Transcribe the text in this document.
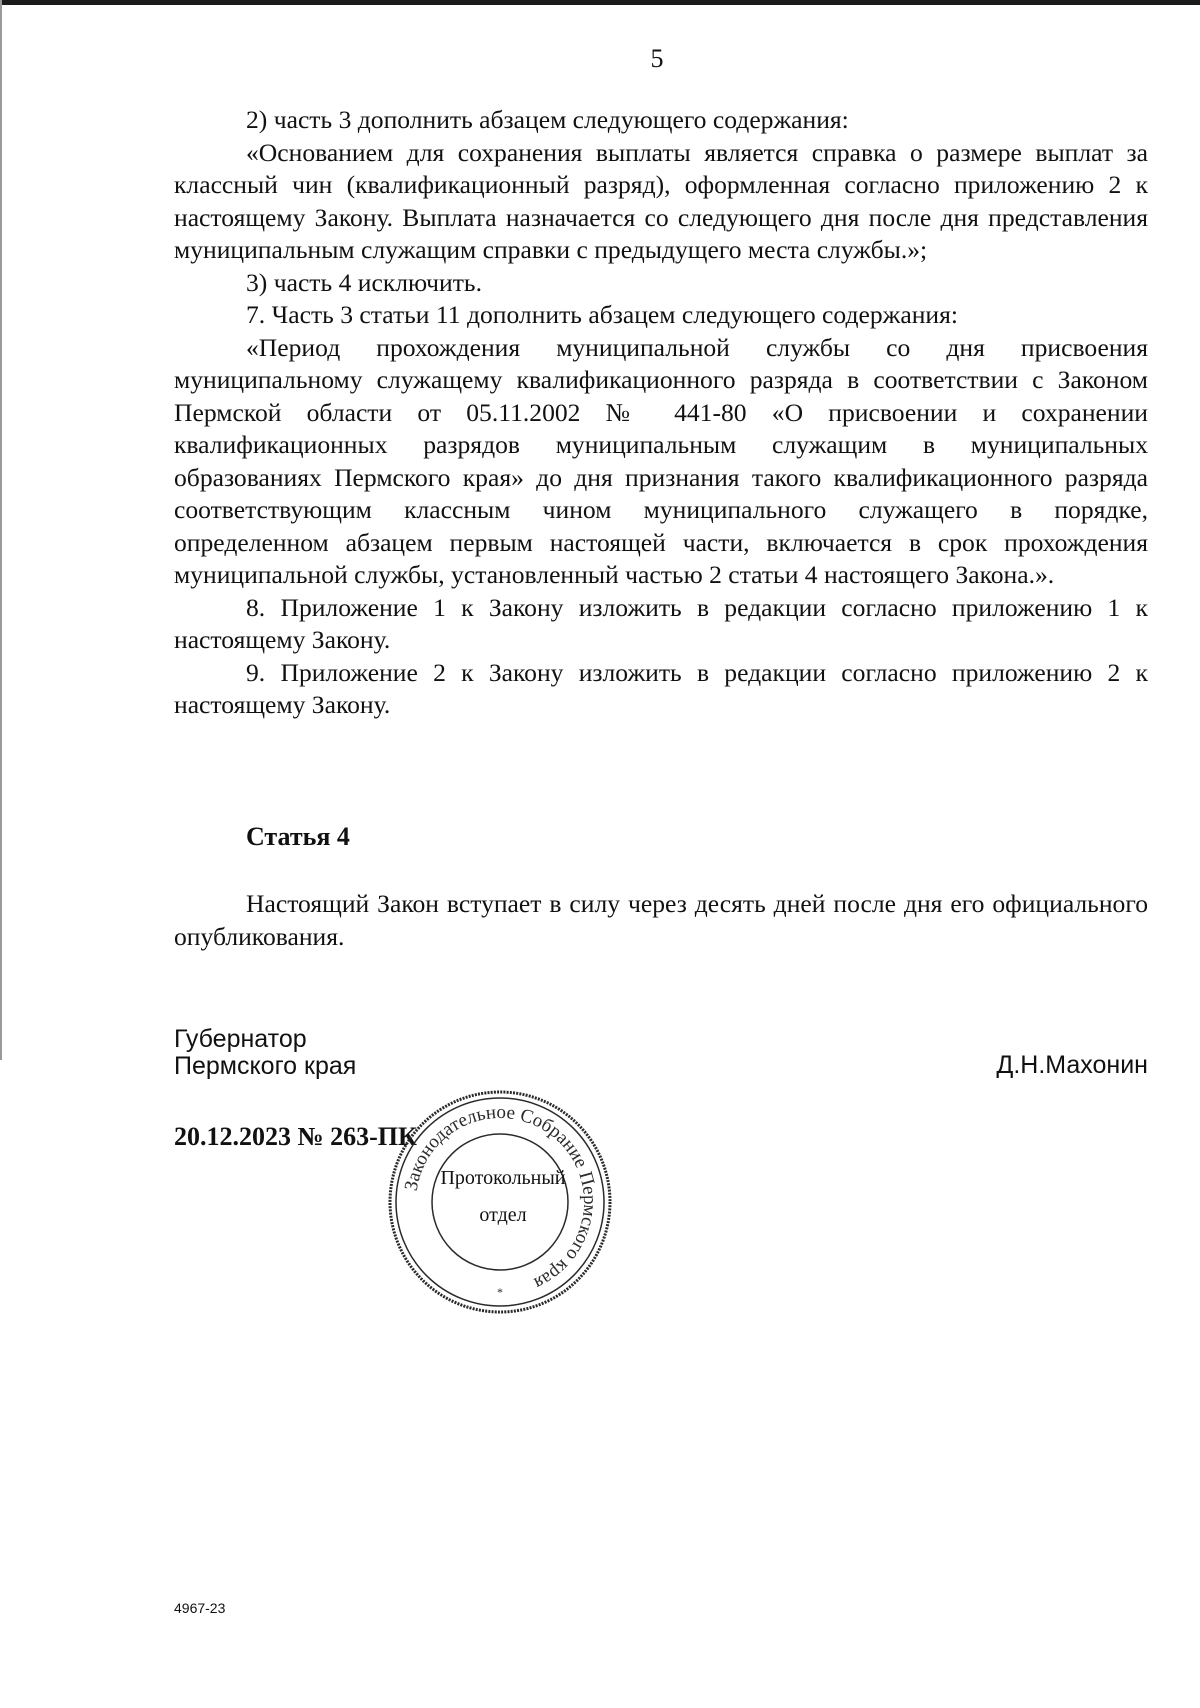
5

2) часть 3 дополнить абзацем следующего содержания:

«Основанием для сохранения выплаты является справка о размере выплат за классный чин (квалификационный разряд), оформленная согласно приложению 2 к настоящему Закону. Выплата назначается со следующего дня после дня представления муниципальным служащим справки с предыдущего места службы.»;

3) часть 4 исключить.

7. Часть 3 статьи 11 дополнить абзацем следующего содержания:

«Период прохождения муниципальной службы со дня присвоения муниципальному служащему квалификационного разряда в соответствии с Законом Пермской области от 05.11.2002 № 441-80 «О присвоении и сохранении квалификационных разрядов муниципальным служащим в муниципальных образованиях Пермского края» до дня признания такого квалификационного разряда соответствующим классным чином муниципального служащего в порядке, определенном абзацем первым настоящей части, включается в срок прохождения муниципальной службы, установленный частью 2 статьи 4 настоящего Закона.».

8. Приложение 1 к Закону изложить в редакции согласно приложению 1 к настоящему Закону.

9. Приложение 2 к Закону изложить в редакции согласно приложению 2 к настоящему Закону.

Статья 4

Настоящий Закон вступает в силу через десять дней после дня его официального опубликования.

Губернатор
Пермского края	Д.Н.Махонин
20.12.2023 № 263-ПК
Законодательное Собрание Пермского края
*
Протокольный
отдел
4967-23
